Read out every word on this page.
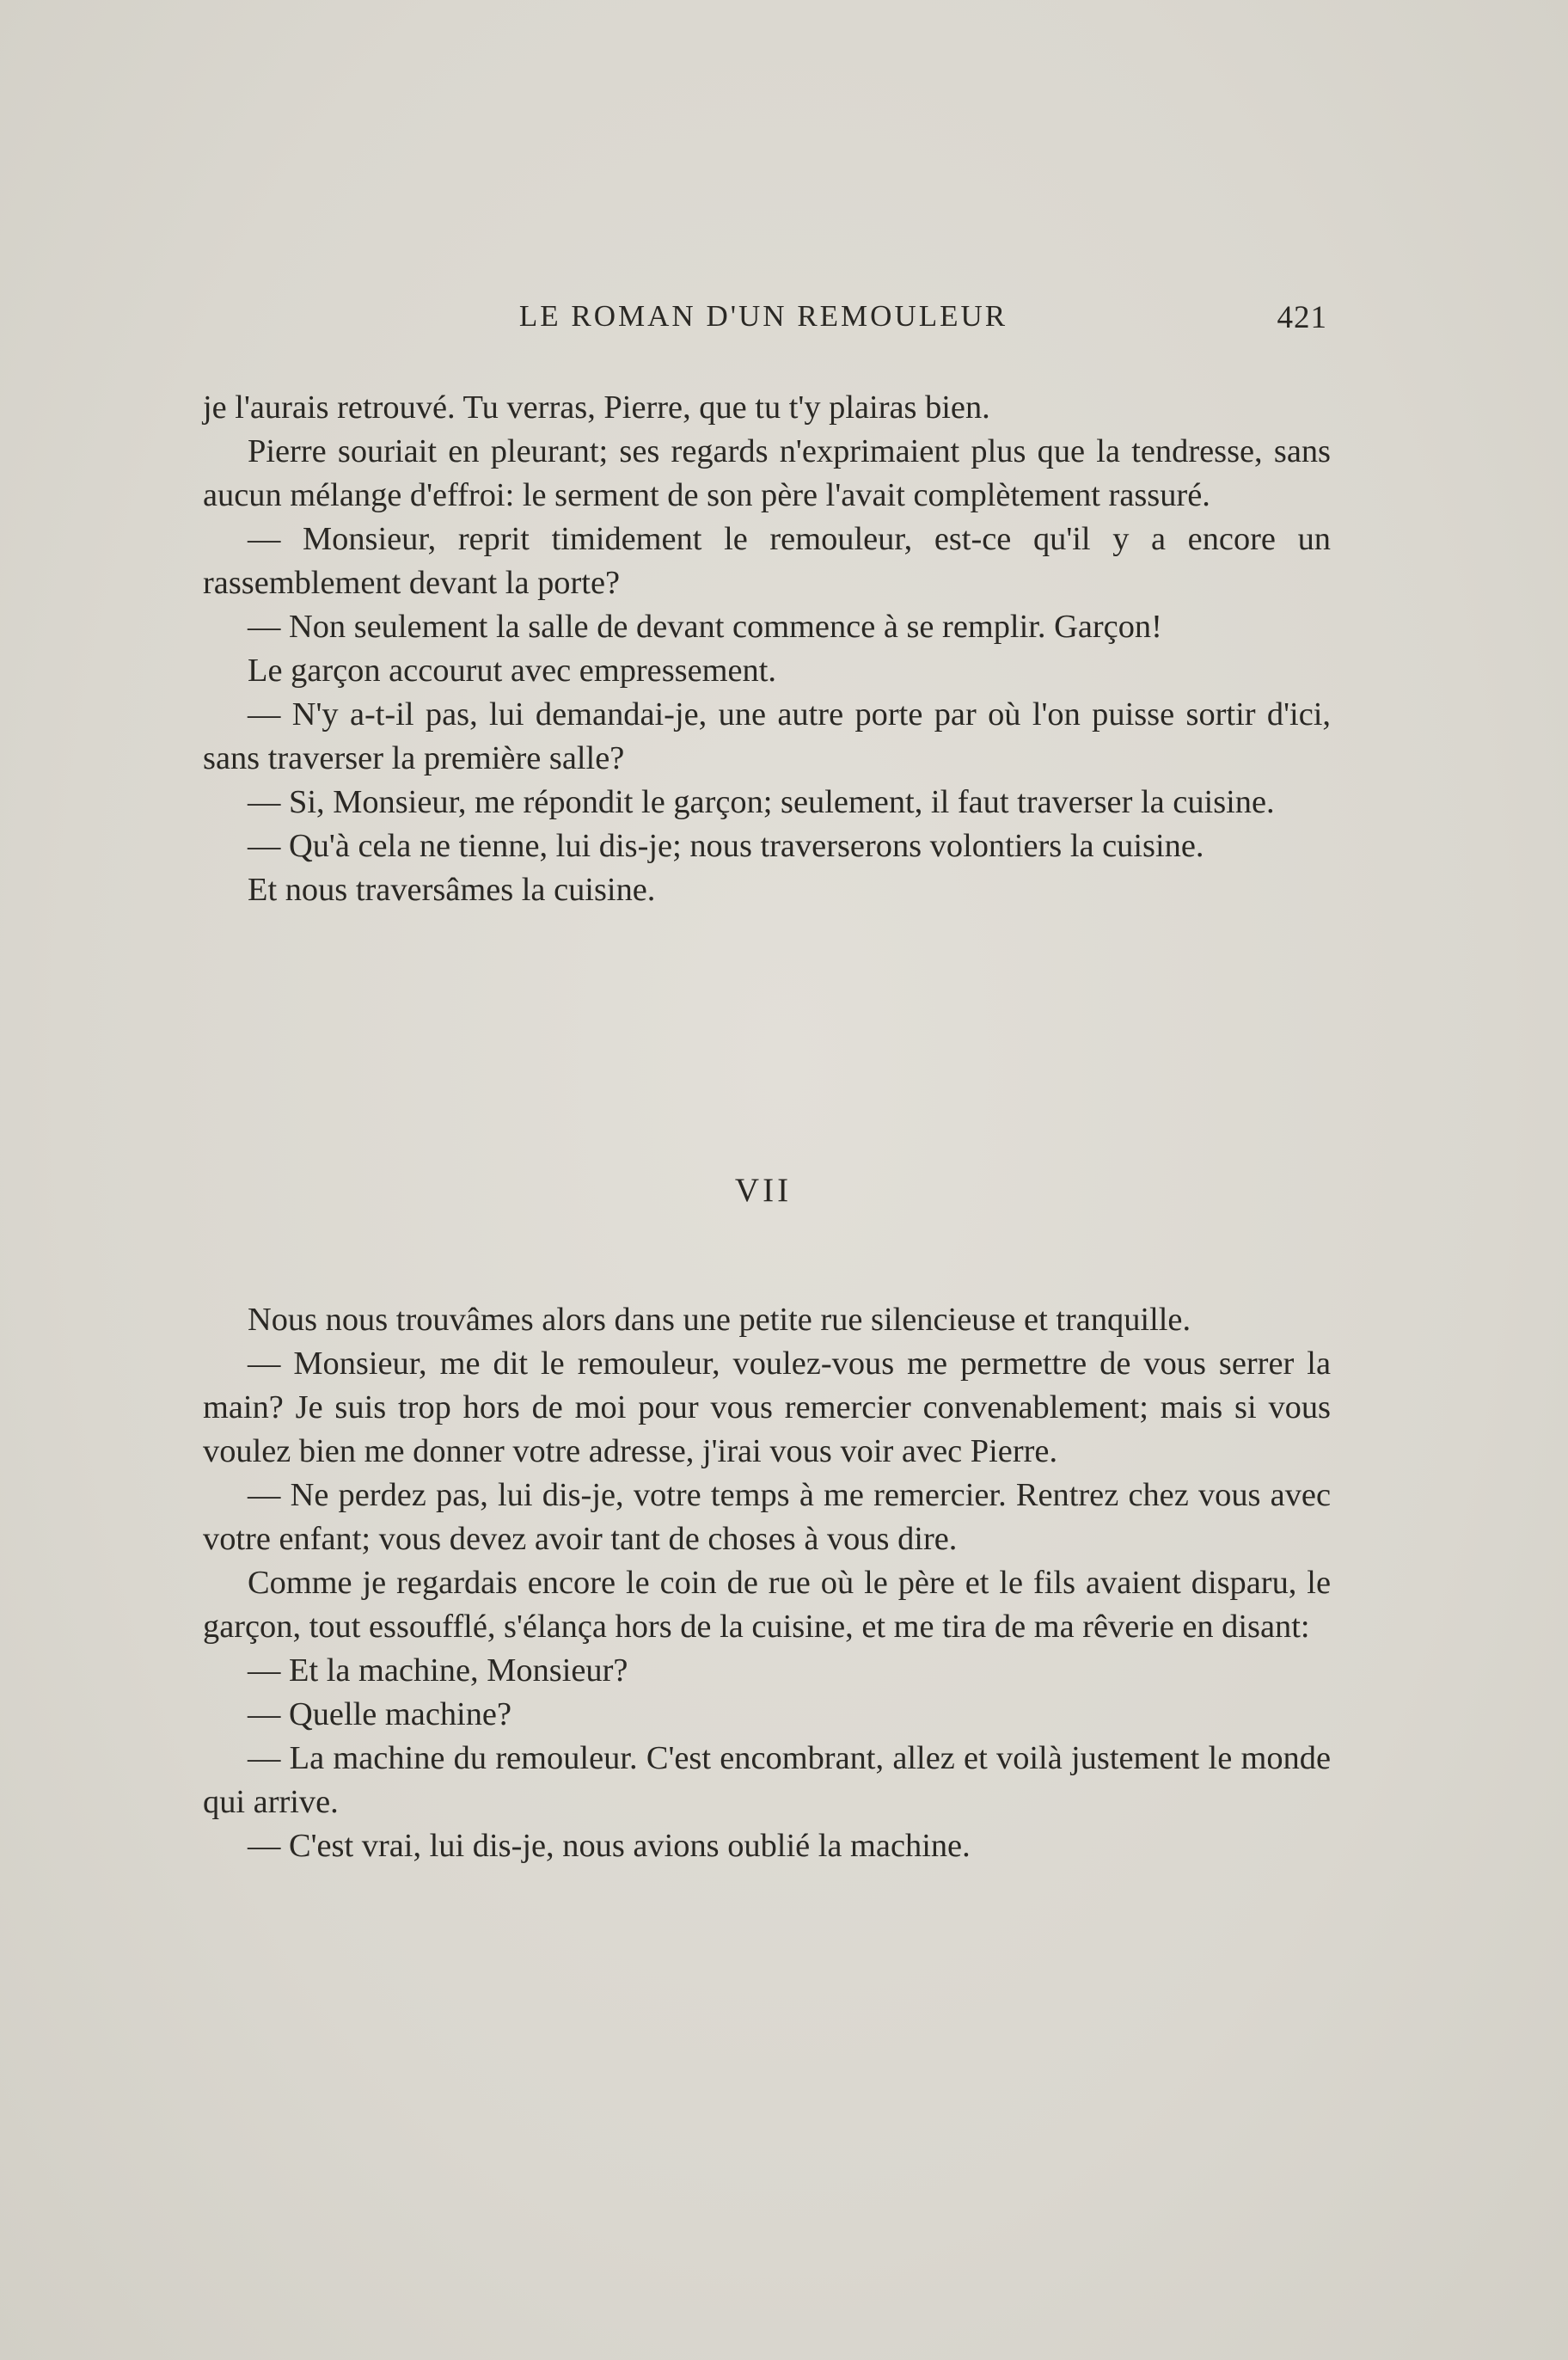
LE ROMAN D'UN REMOULEUR	421

je l'aurais retrouvé. Tu verras, Pierre, que tu t'y plairas bien.

Pierre souriait en pleurant; ses regards n'exprimaient plus que la tendresse, sans aucun mélange d'effroi: le serment de son père l'avait complètement rassuré.

— Monsieur, reprit timidement le remouleur, est-ce qu'il y a encore un rassemblement devant la porte?

— Non seulement la salle de devant commence à se remplir. Garçon!

Le garçon accourut avec empressement.

— N'y a-t-il pas, lui demandai-je, une autre porte par où l'on puisse sortir d'ici, sans traverser la première salle?

— Si, Monsieur, me répondit le garçon; seulement, il faut traverser la cuisine.

— Qu'à cela ne tienne, lui dis-je; nous traverserons volontiers la cuisine.

Et nous traversâmes la cuisine.

VII

Nous nous trouvâmes alors dans une petite rue silencieuse et tranquille.

— Monsieur, me dit le remouleur, voulez-vous me permettre de vous serrer la main? Je suis trop hors de moi pour vous remercier convenablement; mais si vous voulez bien me donner votre adresse, j'irai vous voir avec Pierre.

— Ne perdez pas, lui dis-je, votre temps à me remercier. Rentrez chez vous avec votre enfant; vous devez avoir tant de choses à vous dire.

Comme je regardais encore le coin de rue où le père et le fils avaient disparu, le garçon, tout essoufflé, s'élança hors de la cuisine, et me tira de ma rêverie en disant:

— Et la machine, Monsieur?

— Quelle machine?

— La machine du remouleur. C'est encombrant, allez et voilà justement le monde qui arrive.

— C'est vrai, lui dis-je, nous avions oublié la machine.
